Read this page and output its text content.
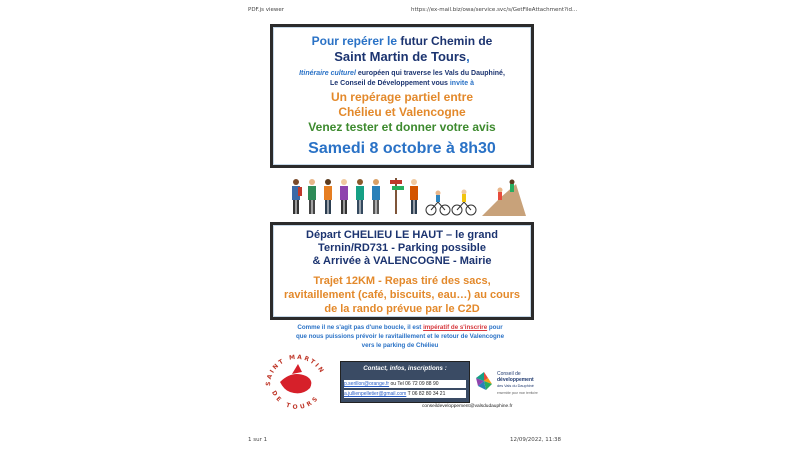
PDF.js viewer	https://ex-mail.biz/owa/service.svc/s/GetFileAttachment?id...
1 sur 1	12/09/2022, 11:38
Pour repérer le futur Chemin de
Saint Martin de Tours,
Itinéraire culturel européen qui traverse les Vals du Dauphiné,
Le Conseil de Développement vous invite à
Un repérage partiel entre
Chélieu et Valencogne
Venez tester et donner votre avis
Samedi 8 octobre à 8h30
Départ CHELIEU LE HAUT – le grand
Ternin/RD731 - Parking possible
& Arrivée à VALENCOGNE - Mairie
Trajet 12KM - Repas tiré des sacs,
ravitaillement (café, biscuits, eau…) au cours
de la rando prévue par le C2D
Comme il ne s'agit pas d'une boucle, il est impératif de s'inscrire pour
que nous puissions prévoir le ravitaillement et le retour de Valencogne
vers le parking de Chélieu
SAINT MARTIN
DE TOURS
Contact, infos, inscriptions :
p.serillon@orange.fr ou Tel 06 72 09 88 90
a.jullienpelletier@gmail.com T 06 82 80 34 21
Conseil de
développement
des Vals du Dauphiné
ensemble pour mon territoire
conseildeveloppement@valsdudauphine.fr
